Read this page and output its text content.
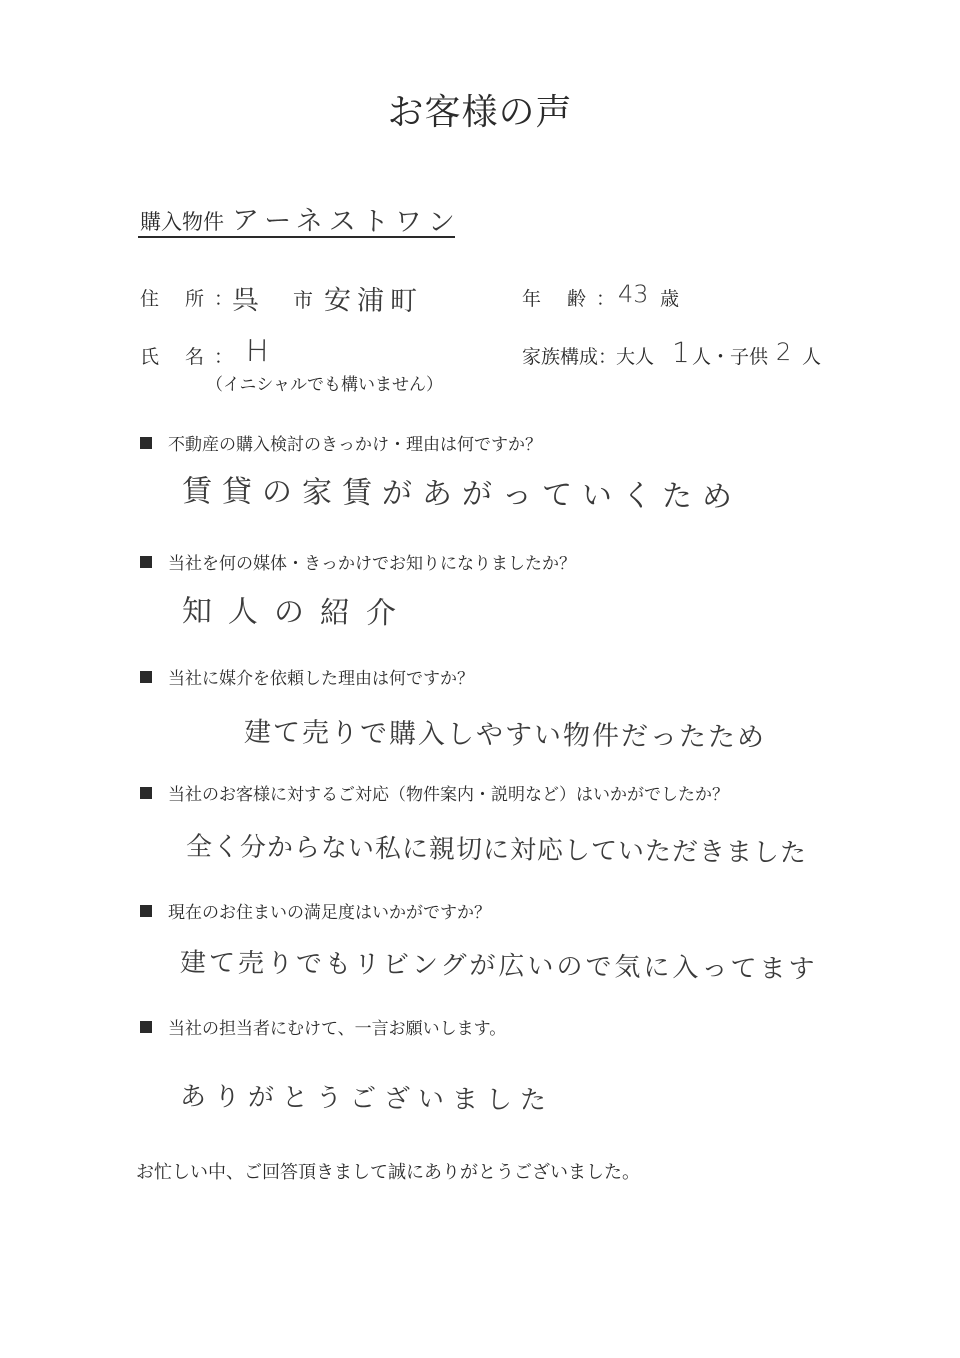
お客様の声
購入物件 アーネストワン
住 所：
呉 市 安浦町	年 齢：
43 歳
氏 名： H
（イニシャルでも構いません）
家族構成：
大人 1 人・子供 2 人
不動産の購入検討のきっかけ・理由は何ですか？
賃貸の家賃があがっていくため
当社を何の媒体・きっかけでお知りになりましたか？
知人の紹介
当社に媒介を依頼した理由は何ですか？
建て売りで購入しやすい物件だったため
当社のお客様に対するご対応（物件案内・説明など）はいかがでしたか？
全く分からない私に親切に対応していただきました
現在のお住まいの満足度はいかがですか？
建て売りでもリビングが広いので気に入ってます
当社の担当者にむけて、一言お願いします。
ありがとうございました
お忙しい中、ご回答頂きまして誠にありがとうございました。
